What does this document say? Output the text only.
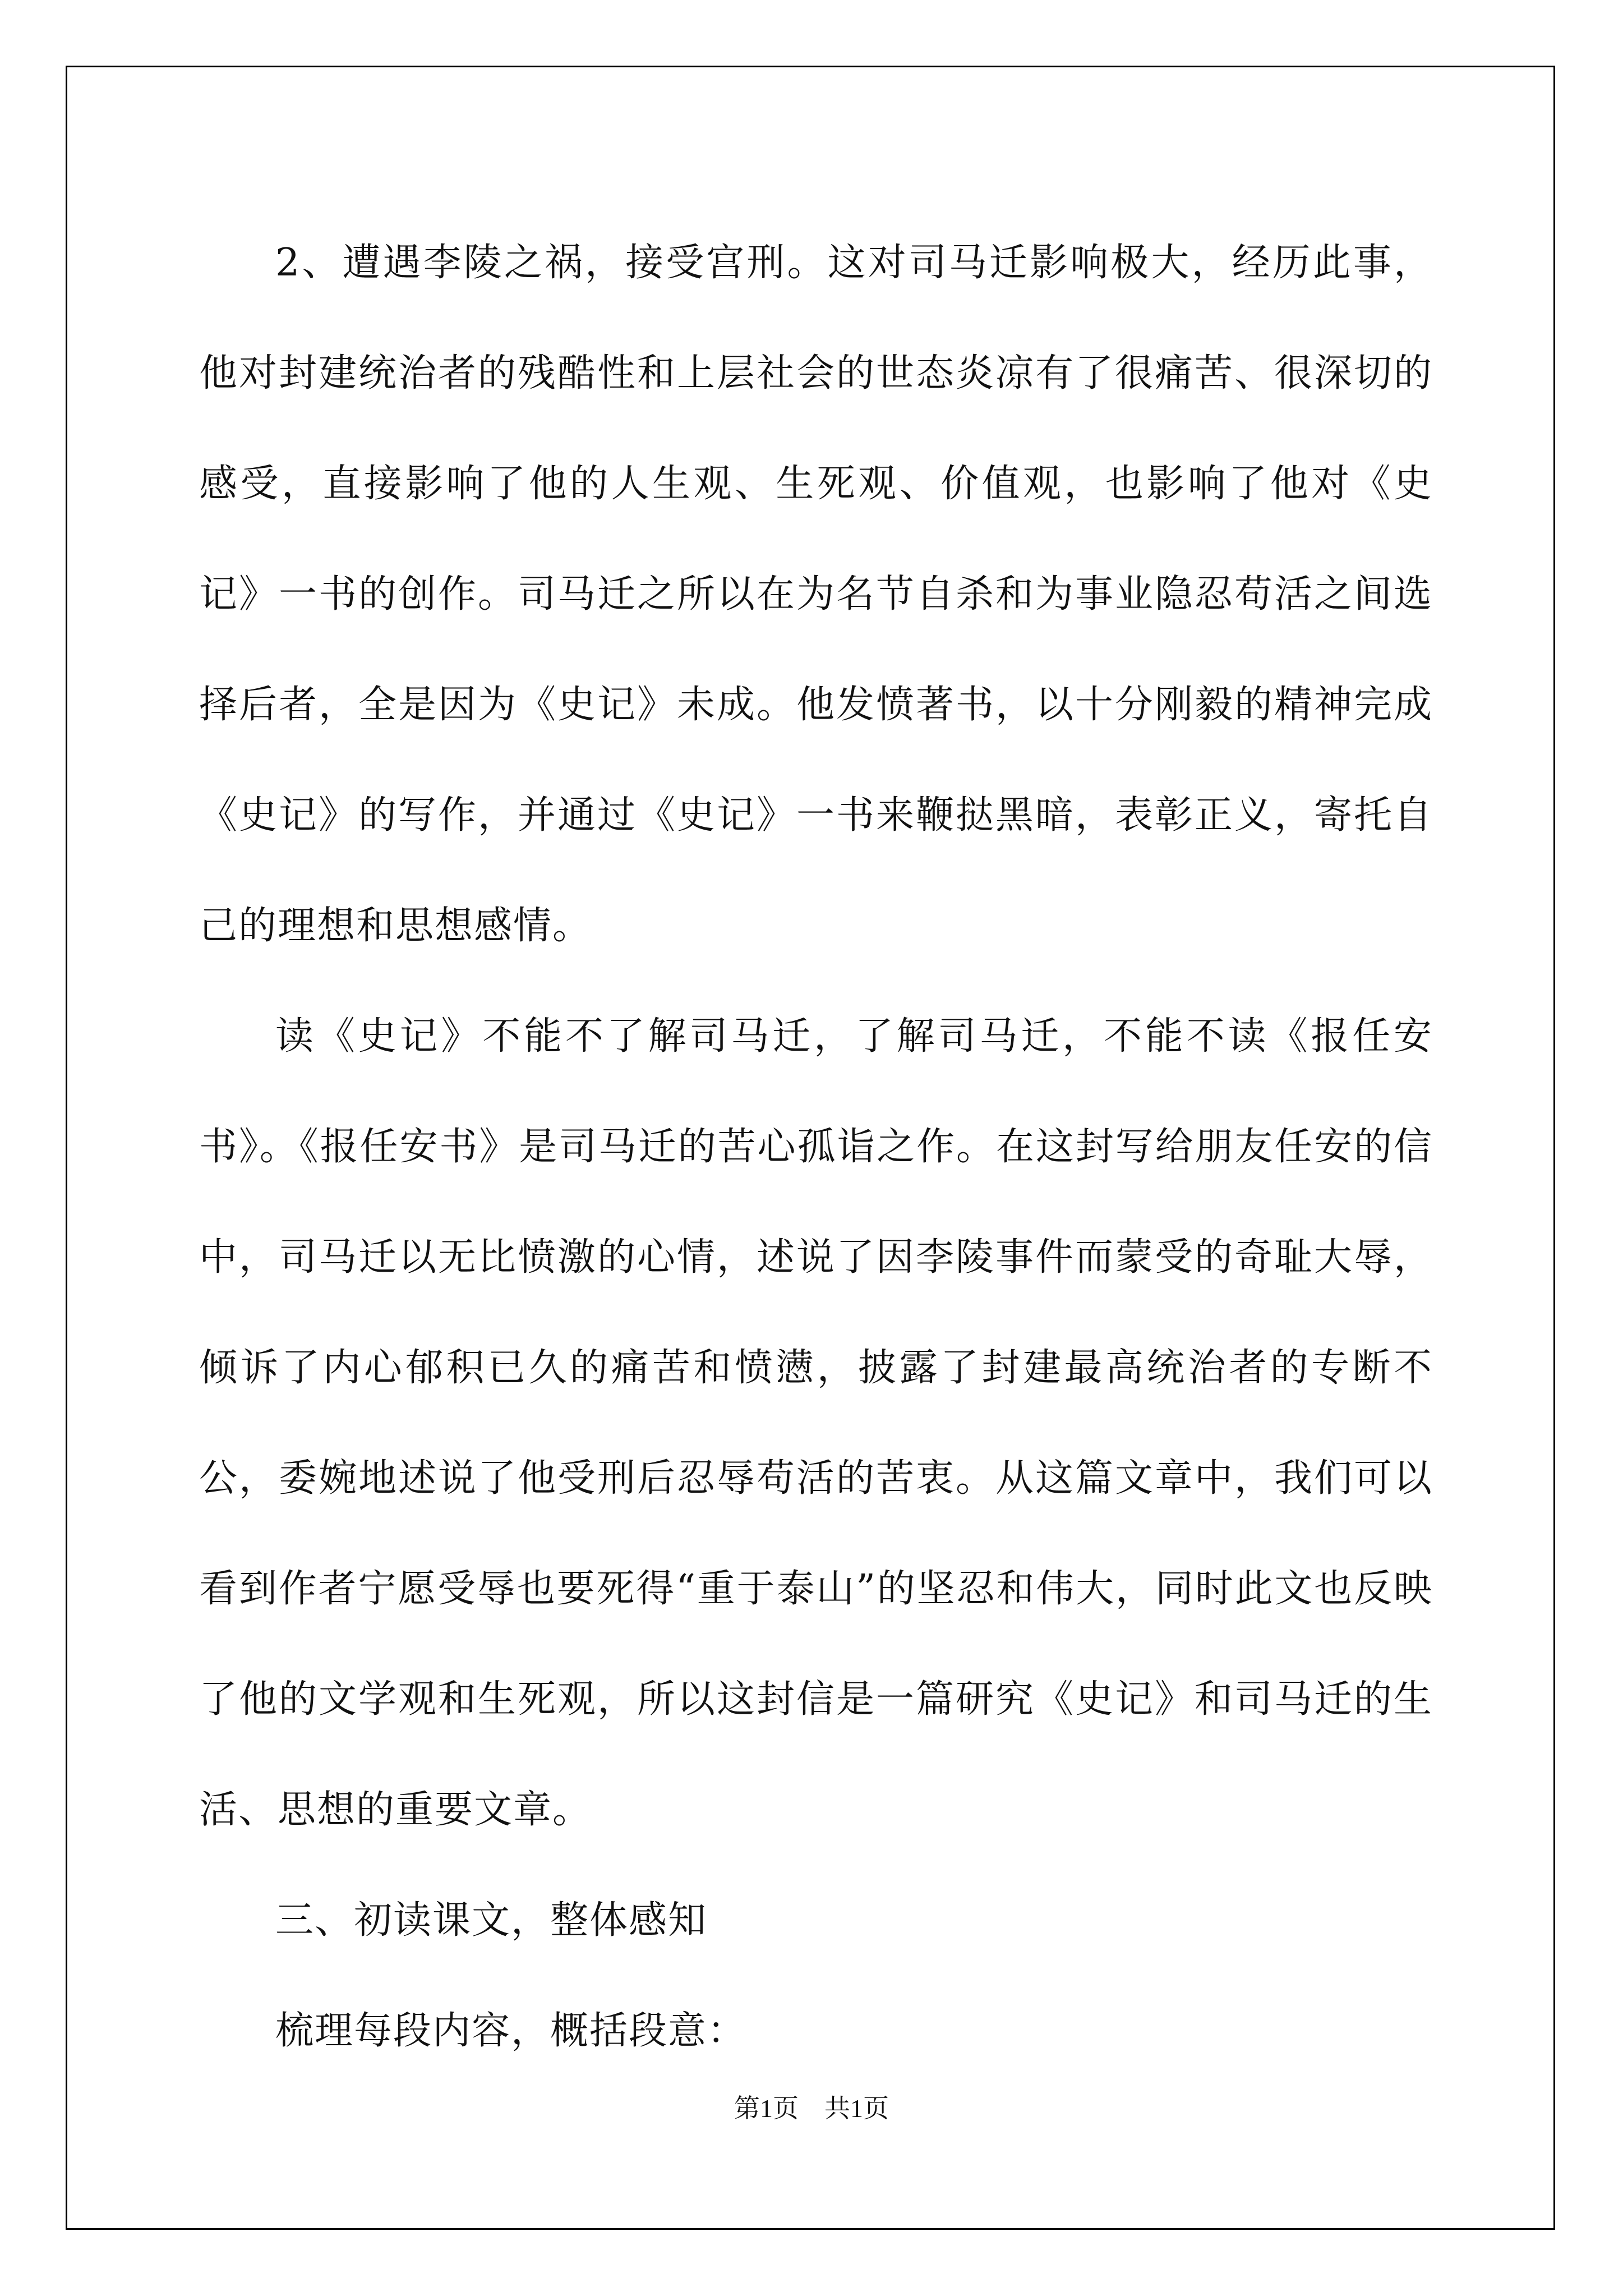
2、遭遇李陵之祸，接受宫刑。这对司马迁影响极大，经历此事，他对封建统治者的残酷性和上层社会的世态炎凉有了很痛苦、很深切的感受，直接影响了他的人生观、生死观、价值观，也影响了他对《史记》一书的创作。司马迁之所以在为名节自杀和为事业隐忍苟活之间选择后者，全是因为《史记》未成。他发愤著书，以十分刚毅的精神完成《史记》的写作，并通过《史记》一书来鞭挞黑暗，表彰正义，寄托自己的理想和思想感情。

读《史记》不能不了解司马迁，了解司马迁，不能不读《报任安书》。《报任安书》是司马迁的苦心孤诣之作。在这封写给朋友任安的信中，司马迁以无比愤激的心情，述说了因李陵事件而蒙受的奇耻大辱，倾诉了内心郁积已久的痛苦和愤懑，披露了封建最高统治者的专断不公，委婉地述说了他受刑后忍辱苟活的苦衷。从这篇文章中，我们可以看到作者宁愿受辱也要死得“重于泰山”的坚忍和伟大，同时此文也反映了他的文学观和生死观，所以这封信是一篇研究《史记》和司马迁的生活、思想的重要文章。

三、初读课文，整体感知

梳理每段内容，概括段意：

第1页 共1页
